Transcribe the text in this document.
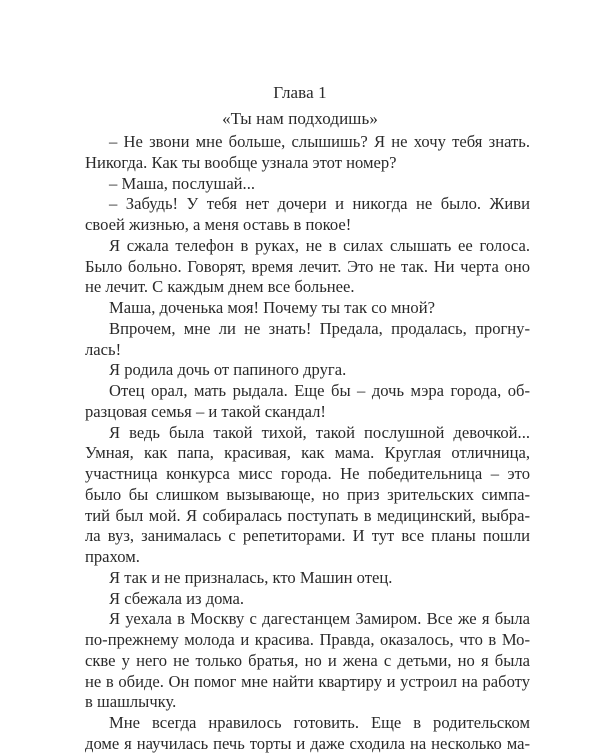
Глава 1
«Ты нам подходишь»
– Не звони мне больше, слышишь? Я не хочу тебя знать.
Никогда. Как ты вообще узнала этот номер?
– Маша, послушай...
– Забудь! У тебя нет дочери и никогда не было. Живи
своей жизнью, а меня оставь в покое!
Я сжала телефон в руках, не в силах слышать ее голоса.
Было больно. Говорят, время лечит. Это не так. Ни черта оно
не лечит. С каждым днем все больнее.
Маша, доченька моя! Почему ты так со мной?
Впрочем, мне ли не знать! Предала, продалась, прогну-
лась!
Я родила дочь от папиного друга.
Отец орал, мать рыдала. Еще бы – дочь мэра города, об-
разцовая семья – и такой скандал!
Я ведь была такой тихой, такой послушной девочкой...
Умная, как папа, красивая, как мама. Круглая отличница,
участница конкурса мисс города. Не победительница – это
было бы слишком вызывающе, но приз зрительских симпа-
тий был мой. Я собиралась поступать в медицинский, выбра-
ла вуз, занималась с репетиторами. И тут все планы пошли
прахом.
Я так и не призналась, кто Машин отец.
Я сбежала из дома.
Я уехала в Москву с дагестанцем Замиром. Все же я была
по-прежнему молода и красива. Правда, оказалось, что в Мо-
скве у него не только братья, но и жена с детьми, но я была
не в обиде. Он помог мне найти квартиру и устроил на работу
в шашлычку.
Мне всегда нравилось готовить. Еще в родительском
доме я научилась печь торты и даже сходила на несколько ма-
